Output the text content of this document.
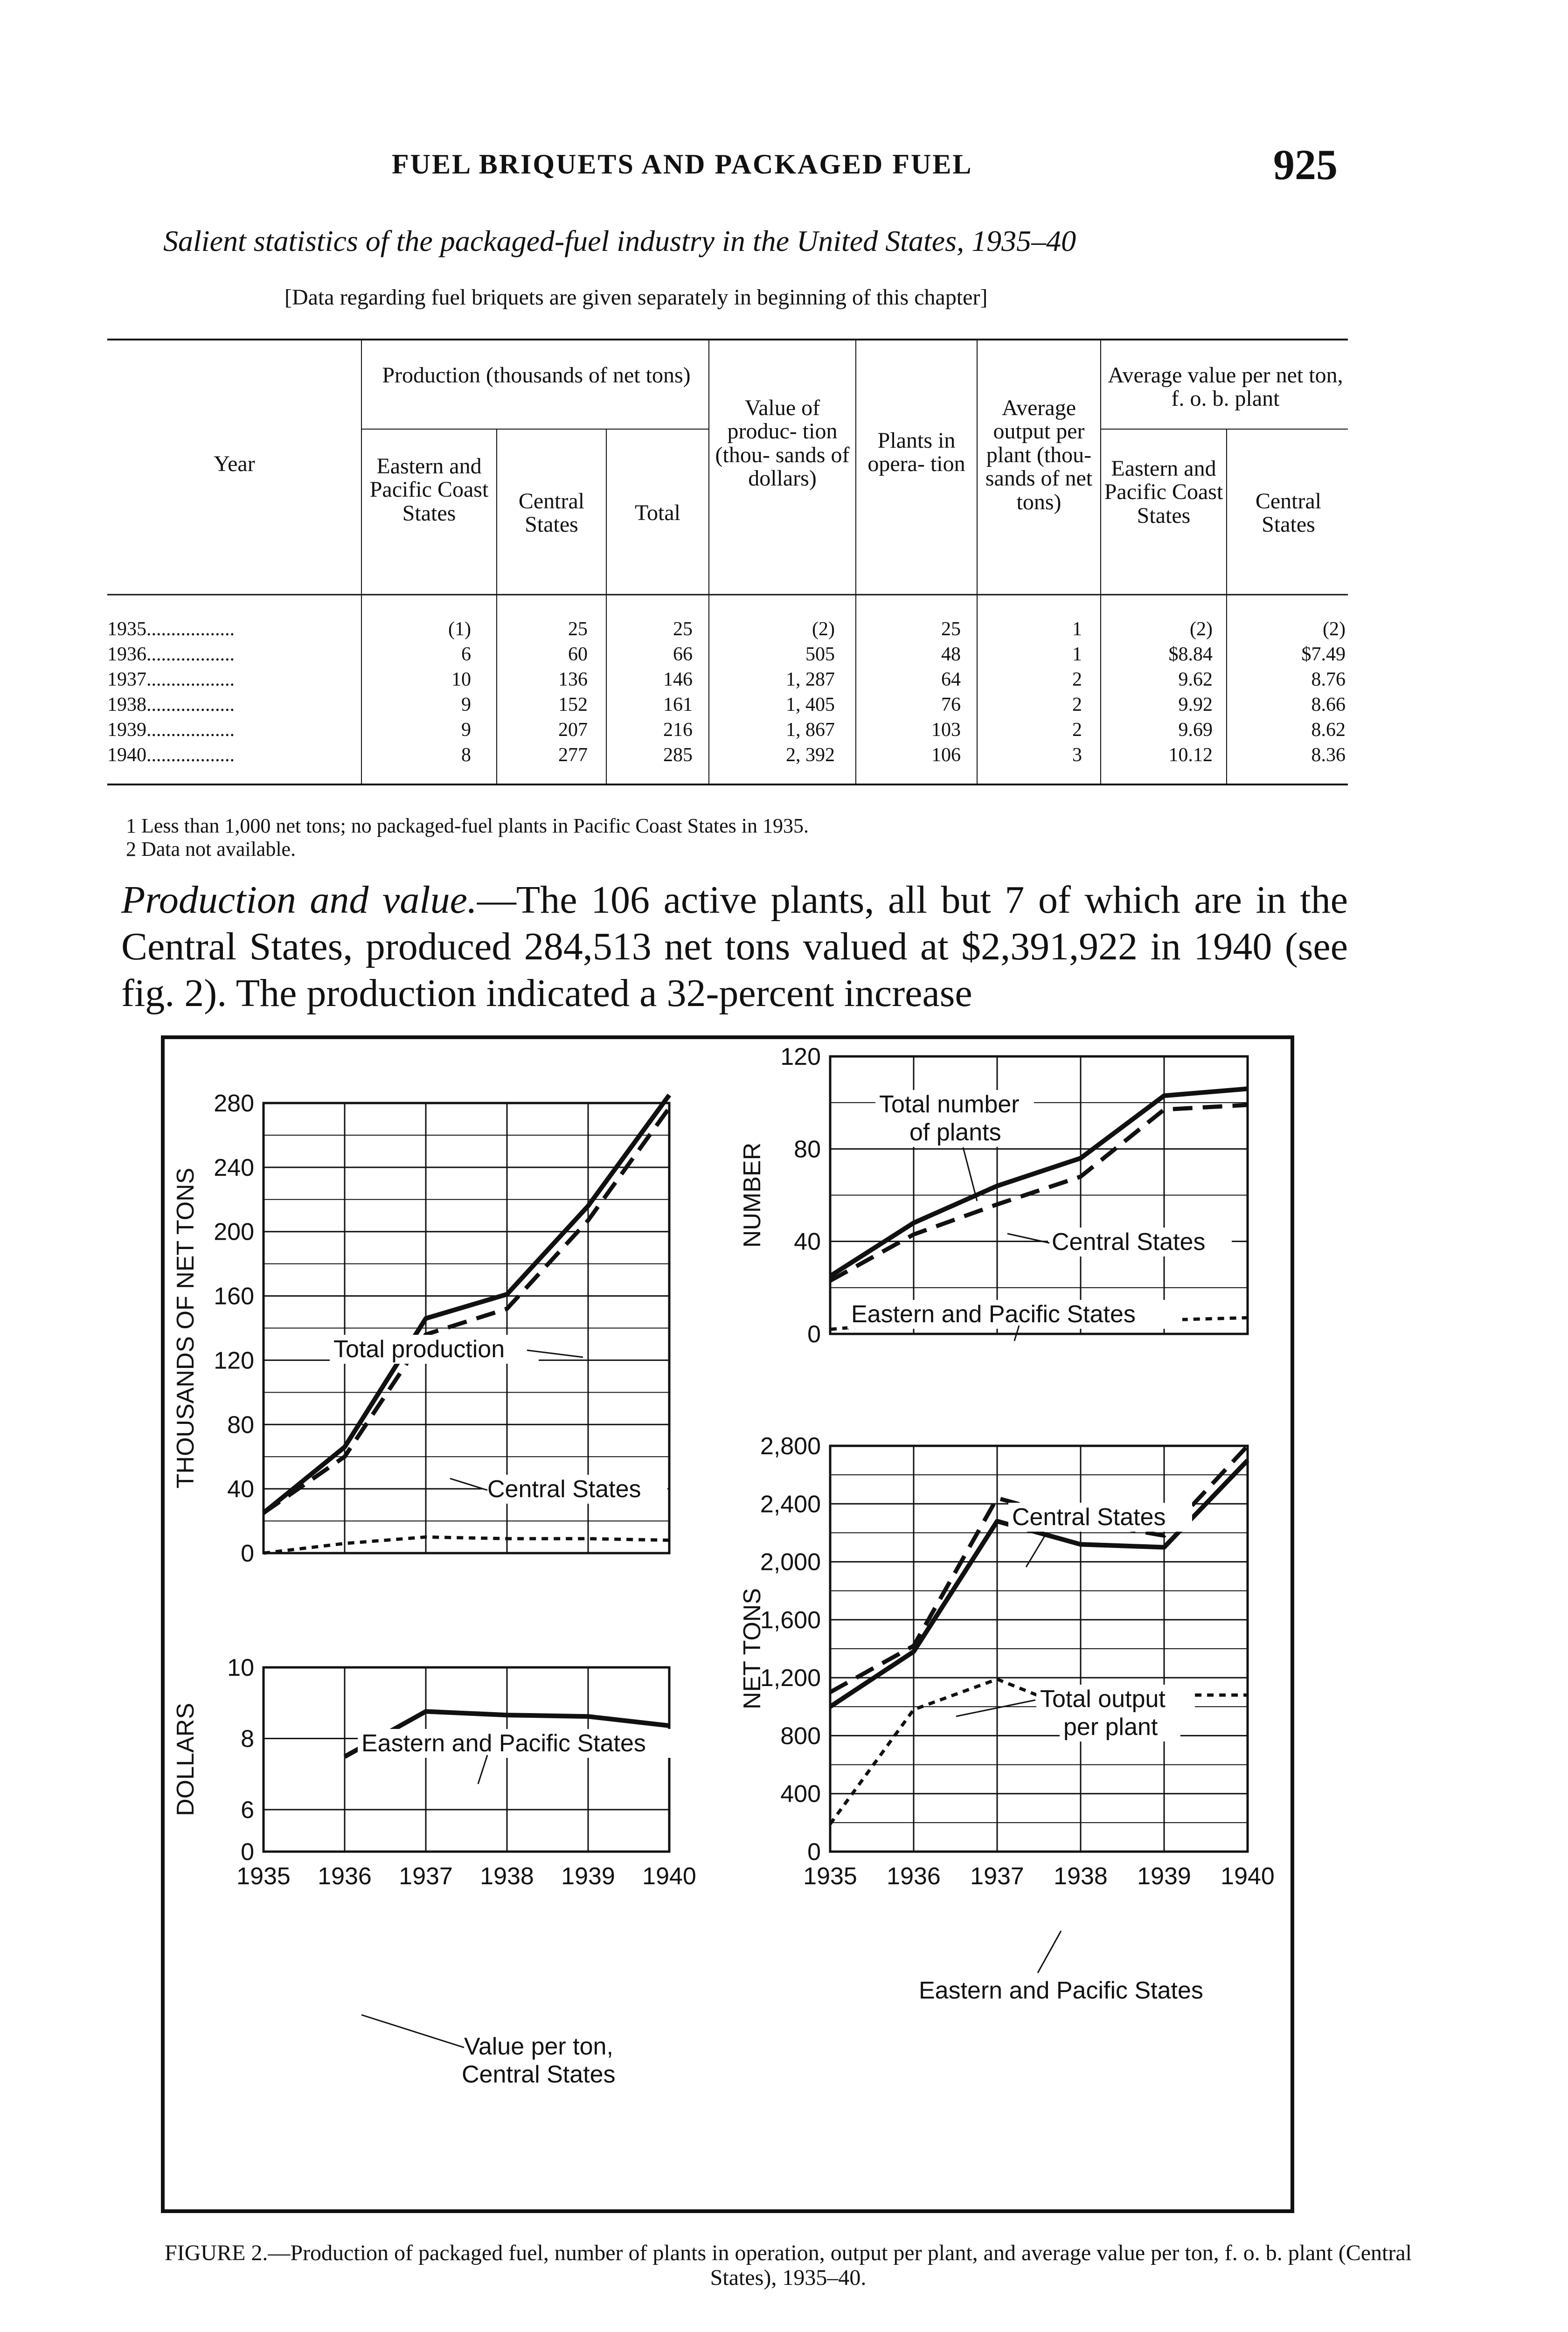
FUEL BRIQUETS AND PACKAGED FUEL	925
Salient statistics of the packaged-fuel industry in the United States, 1935–40
[Data regarding fuel briquets are given separately in beginning of this chapter]
Year
Production (thousands of net tons)
Eastern and Pacific Coast States	Central States	Total
Value of produc- tion (thou- sands of dollars)
Plants in opera- tion
Average output per plant (thou- sands of net tons)
Average value per net ton, f. o. b. plant
Eastern and Pacific Coast States
Central States
1935..................	(1)	25	25	(2)	25	1	(2)	(2)
1936..................	6	60	66	505	48	1	$8.84	$7.49
1937..................	10	136	146	1, 287	64	2	9.62	8.76
1938..................	9	152	161	1, 405	76	2	9.92	8.66
1939..................	9	207	216	1, 867	103	2	9.69	8.62
1940..................	8	277	285	2, 392	106	3	10.12	8.36
1 Less than 1,000 net tons; no packaged-fuel plants in Pacific Coast States in 1935.
2 Data not available.
Production and value.—The 106 active plants, all but 7 of which are in the Central States, produced 284,513 net tons valued at $2,391,922 in 1940 (see fig. 2). The production indicated a 32-percent increase
THOUSANDS OF NET TONS
0
40
80
120
160
200
240
280
DOLLARS
0
6
8
10
1935 1936 1937 1938 1939 1940
NUMBER
0
40
80
120
NET TONS
0
400
800
1,200
1,600
2,000
2,400
2,800
1935 1936 1937 1938 1939 1940
Total production
Central States
Eastern and Pacific States
Value per ton,
Central States
Total number
of plants
Central States
Eastern and Pacific States
Central States
Total output
per plant
Eastern and Pacific States
FIGURE 2.—Production of packaged fuel, number of plants in operation, output per plant, and average value per ton, f. o. b. plant (Central States), 1935–40.
